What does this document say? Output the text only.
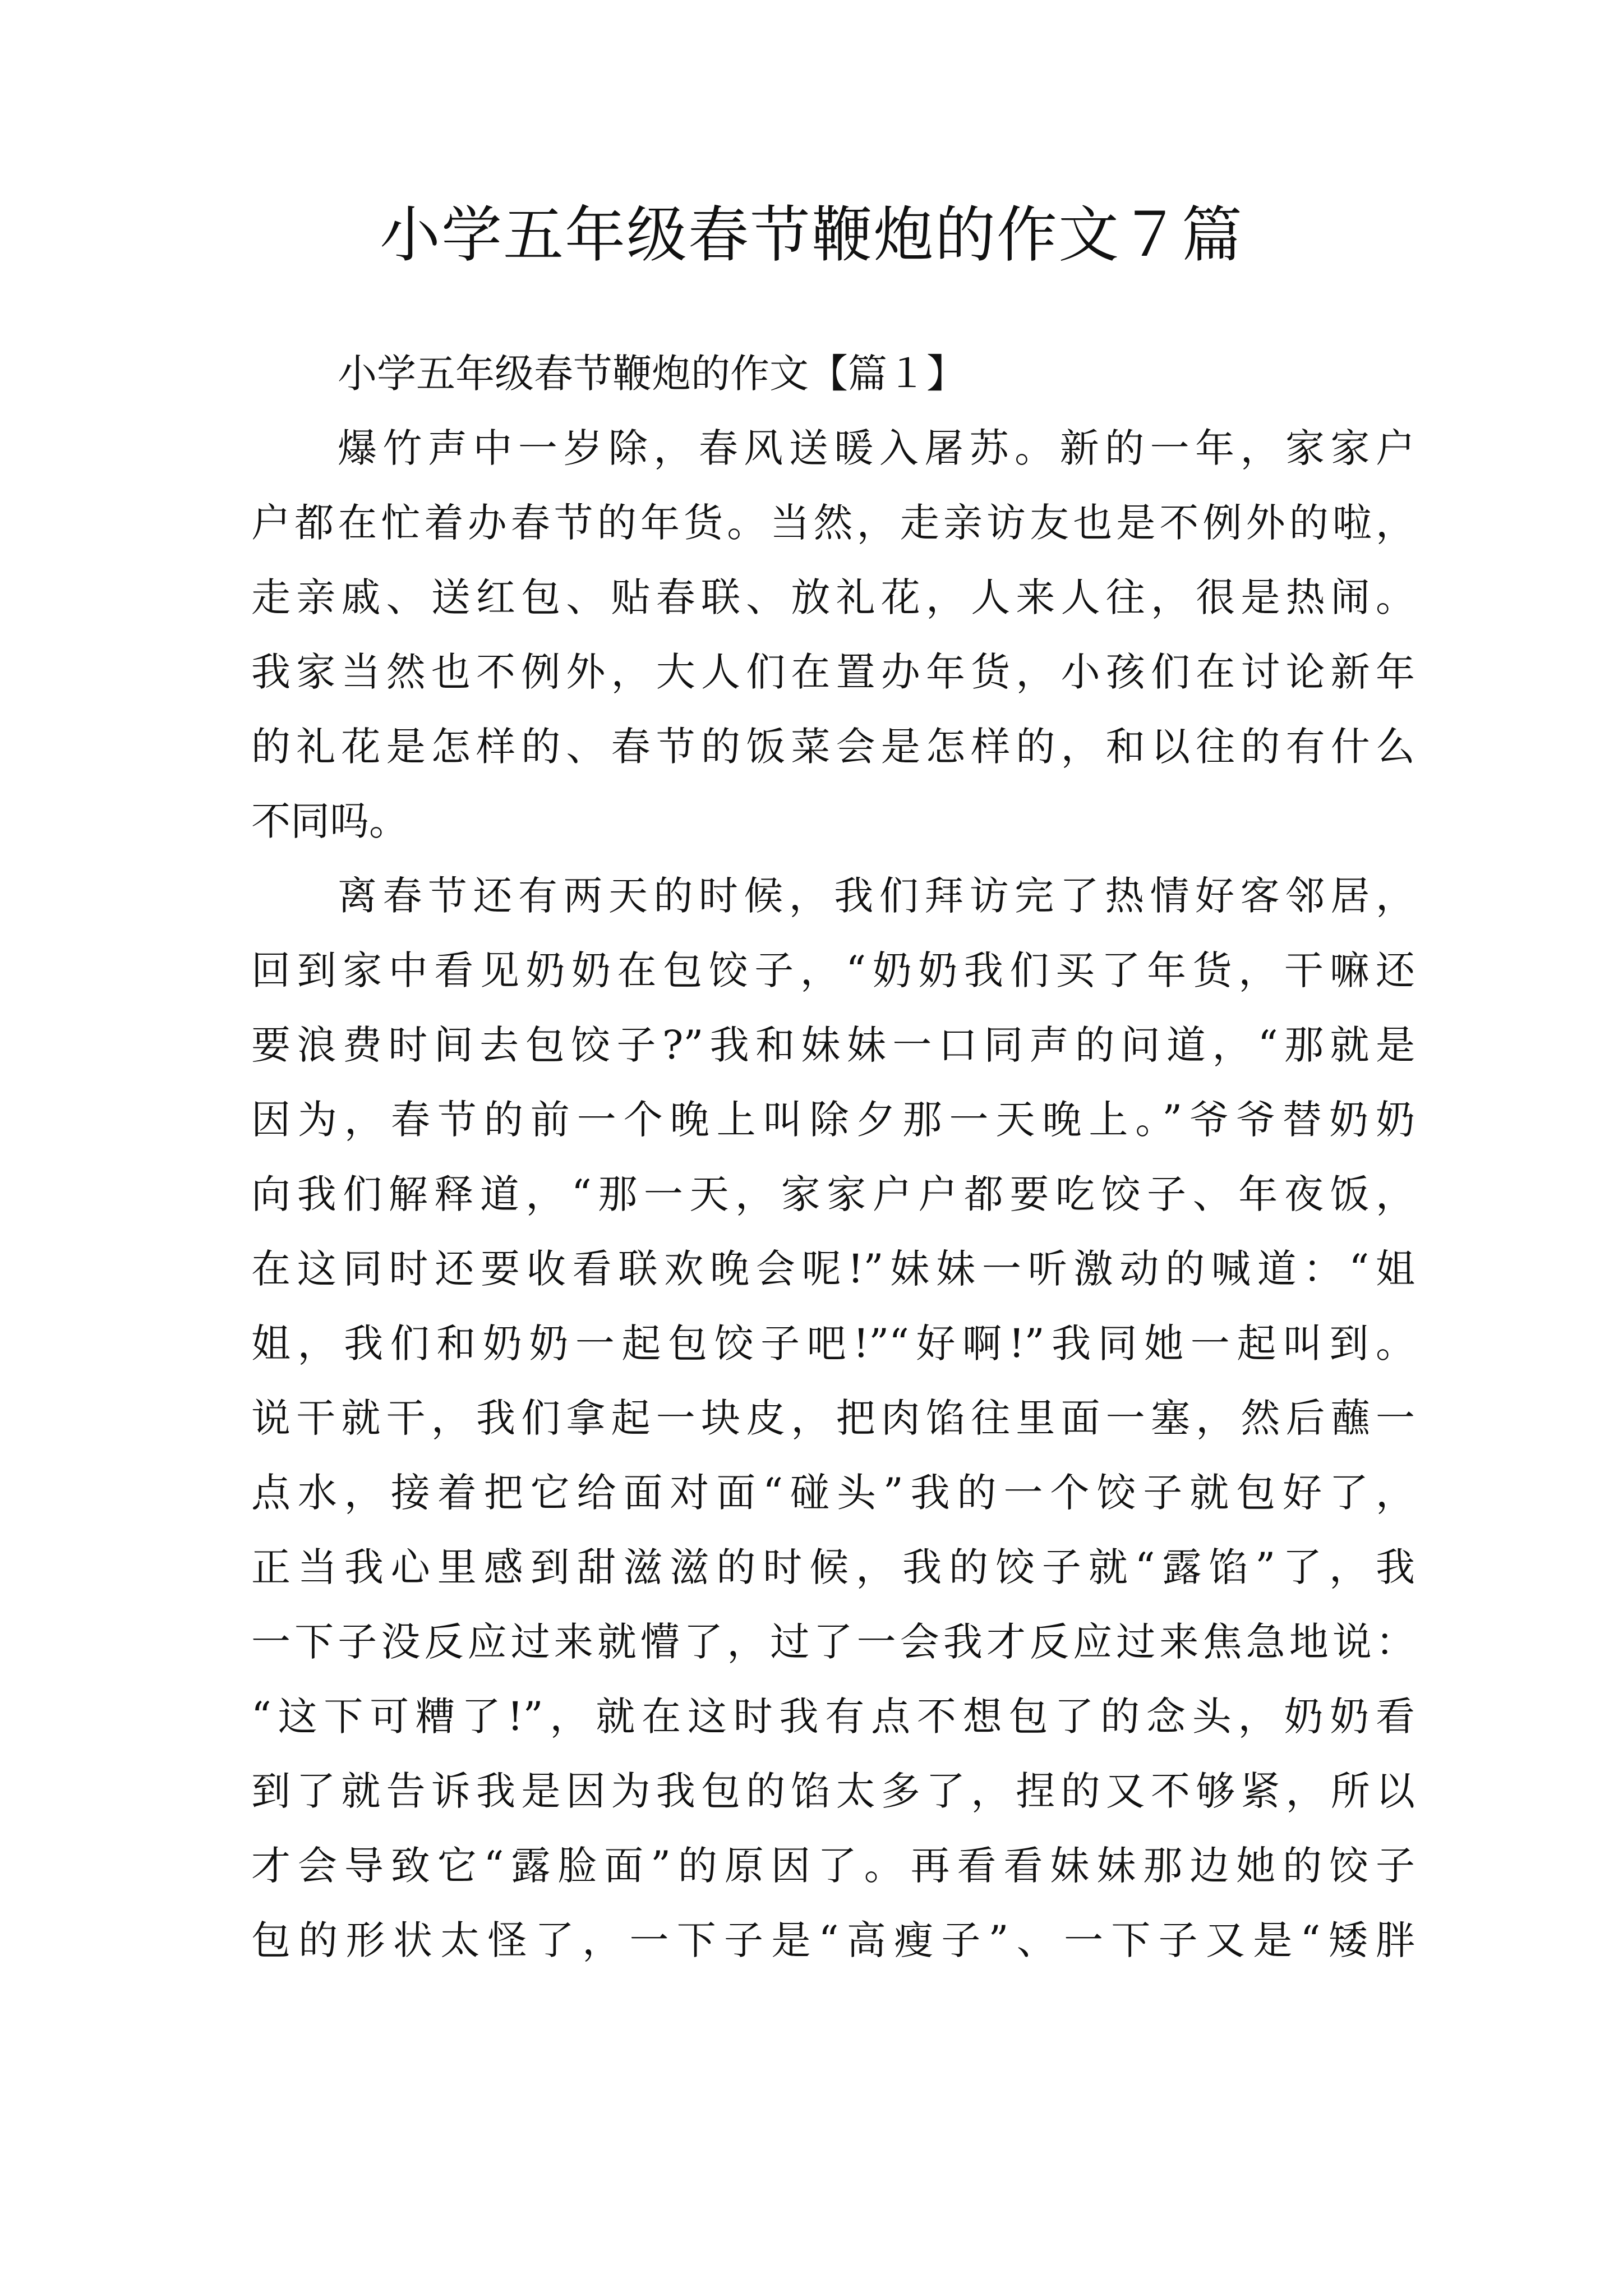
小学五年级春节鞭炮的作文７篇

小学五年级春节鞭炮的作文【篇１】

爆竹声中一岁除，春风送暖入屠苏。新的一年，家家户

户都在忙着办春节的年货。当然，走亲访友也是不例外的啦，

走亲戚、送红包、贴春联、放礼花，人来人往，很是热闹。

我家当然也不例外，大人们在置办年货，小孩们在讨论新年

的礼花是怎样的、春节的饭菜会是怎样的，和以往的有什么

不同吗。

离春节还有两天的时候，我们拜访完了热情好客邻居，

回到家中看见奶奶在包饺子，“奶奶我们买了年货，干嘛还

要浪费时间去包饺子?”我和妹妹一口同声的问道，“那就是

因为，春节的前一个晚上叫除夕那一天晚上。”爷爷替奶奶

向我们解释道，“那一天，家家户户都要吃饺子、年夜饭，

在这同时还要收看联欢晚会呢!”妹妹一听激动的喊道：“姐

姐，我们和奶奶一起包饺子吧!”“好啊!”我同她一起叫到。

说干就干，我们拿起一块皮，把肉馅往里面一塞，然后蘸一

点水，接着把它给面对面“碰头”我的一个饺子就包好了，

正当我心里感到甜滋滋的时候，我的饺子就“露馅”了，我

一下子没反应过来就懵了，过了一会我才反应过来焦急地说：

“这下可糟了!”，就在这时我有点不想包了的念头，奶奶看

到了就告诉我是因为我包的馅太多了，捏的又不够紧，所以

才会导致它“露脸面”的原因了。再看看妹妹那边她的饺子

包的形状太怪了，一下子是“高瘦子”、一下子又是“矮胖
